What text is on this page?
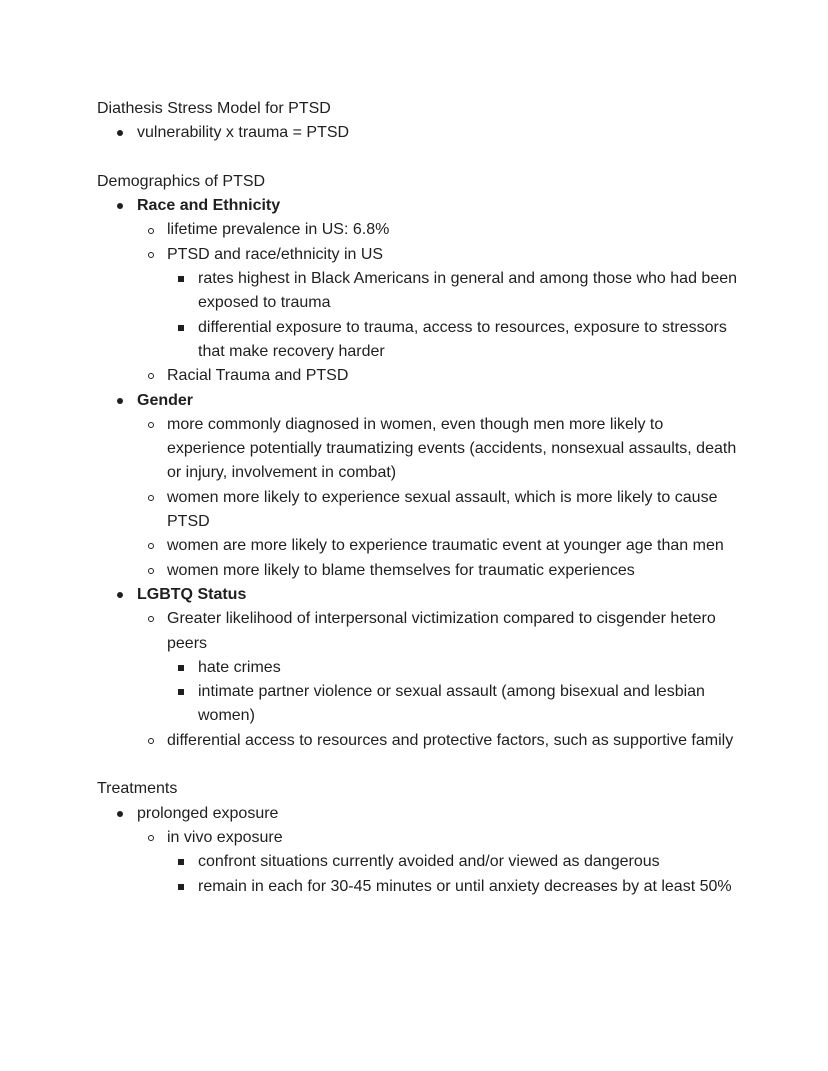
Diathesis Stress Model for PTSD

vulnerability x trauma = PTSD

Demographics of PTSD

Race and Ethnicity
lifetime prevalence in US: 6.8%
PTSD and race/ethnicity in US
rates highest in Black Americans in general and among those who had been exposed to trauma
differential exposure to trauma, access to resources, exposure to stressors that make recovery harder
Racial Trauma and PTSD
Gender
more commonly diagnosed in women, even though men more likely to experience potentially traumatizing events (accidents, nonsexual assaults, death or injury, involvement in combat)
women more likely to experience sexual assault, which is more likely to cause PTSD
women are more likely to experience traumatic event at younger age than men
women more likely to blame themselves for traumatic experiences
LGBTQ Status
Greater likelihood of interpersonal victimization compared to cisgender hetero peers
hate crimes
intimate partner violence or sexual assault (among bisexual and lesbian women)
differential access to resources and protective factors, such as supportive family

Treatments

prolonged exposure
in vivo exposure
confront situations currently avoided and/or viewed as dangerous
remain in each for 30-45 minutes or until anxiety decreases by at least 50%
